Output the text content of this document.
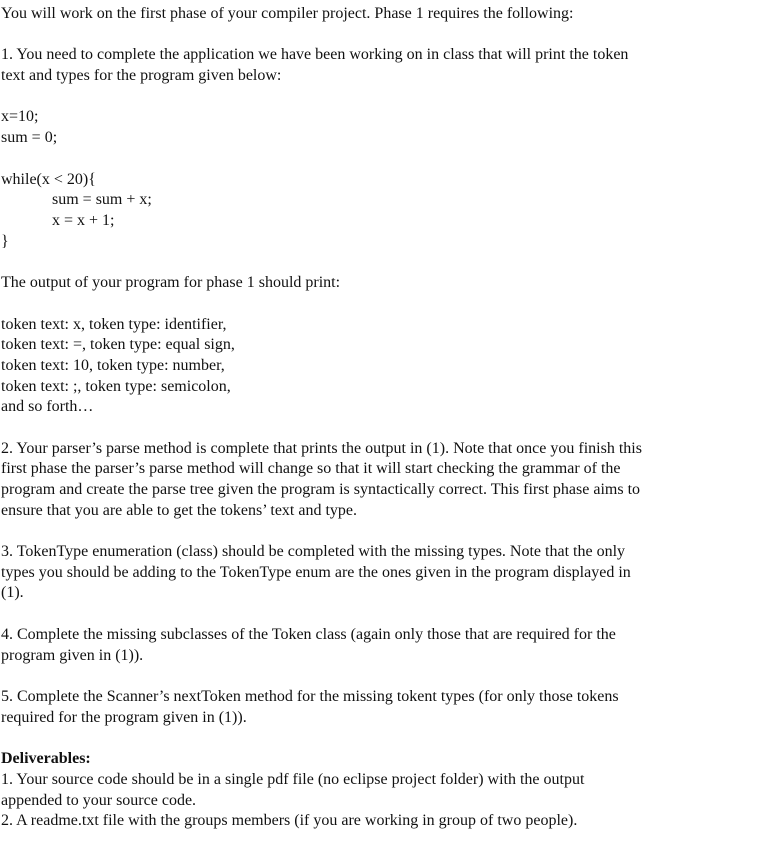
You will work on the first phase of your compiler project. Phase 1 requires the following:
1. You need to complete the application we have been working on in class that will print the token
text and types for the program given below:
x=10;
sum = 0;
while(x < 20){
sum = sum + x;
x = x + 1;
}
The output of your program for phase 1 should print:
token text: x, token type: identifier,
token text: =, token type: equal sign,
token text: 10, token type: number,
token text: ;, token type: semicolon,
and so forth…
2. Your parser’s parse method is complete that prints the output in (1). Note that once you finish this
first phase the parser’s parse method will change so that it will start checking the grammar of the
program and create the parse tree given the program is syntactically correct. This first phase aims to
ensure that you are able to get the tokens’ text and type.
3. TokenType enumeration (class) should be completed with the missing types. Note that the only
types you should be adding to the TokenType enum are the ones given in the program displayed in
(1).
4. Complete the missing subclasses of the Token class (again only those that are required for the
program given in (1)).
5. Complete the Scanner’s nextToken method for the missing tokent types (for only those tokens
required for the program given in (1)).
Deliverables:
1. Your source code should be in a single pdf file (no eclipse project folder) with the output
appended to your source code.
2. A readme.txt file with the groups members (if you are working in group of two people).
